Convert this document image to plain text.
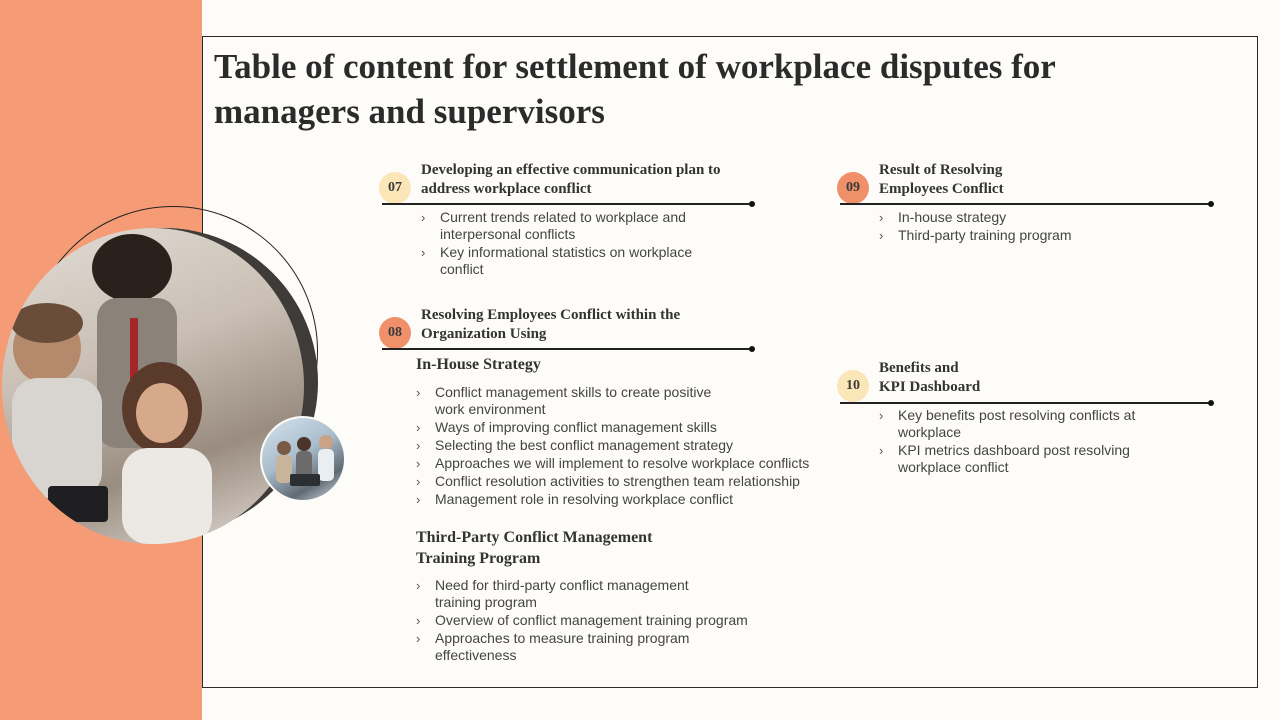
Table of content for settlement of workplace disputes for managers and supervisors
07
Developing an effective communication plan to
address workplace conflict
› Current trends related to workplace and interpersonal conflicts
› Key informational statistics on workplace conflict
08
Resolving Employees Conflict within the
Organization Using
In-House Strategy
› Conflict management skills to create positive work environment
› Ways of improving conflict management skills
› Selecting the best conflict management strategy
› Approaches we will implement to resolve workplace conflicts
› Conflict resolution activities to strengthen team relationship
› Management role in resolving workplace conflict
Third-Party Conflict Management
Training Program
› Need for third-party conflict management training program
› Overview of conflict management training program
› Approaches to measure training program effectiveness
09
Result of Resolving
Employees Conflict
› In-house strategy
› Third-party training program
10
Benefits and
KPI Dashboard
› Key benefits post resolving conflicts at workplace
› KPI metrics dashboard post resolving workplace conflict
